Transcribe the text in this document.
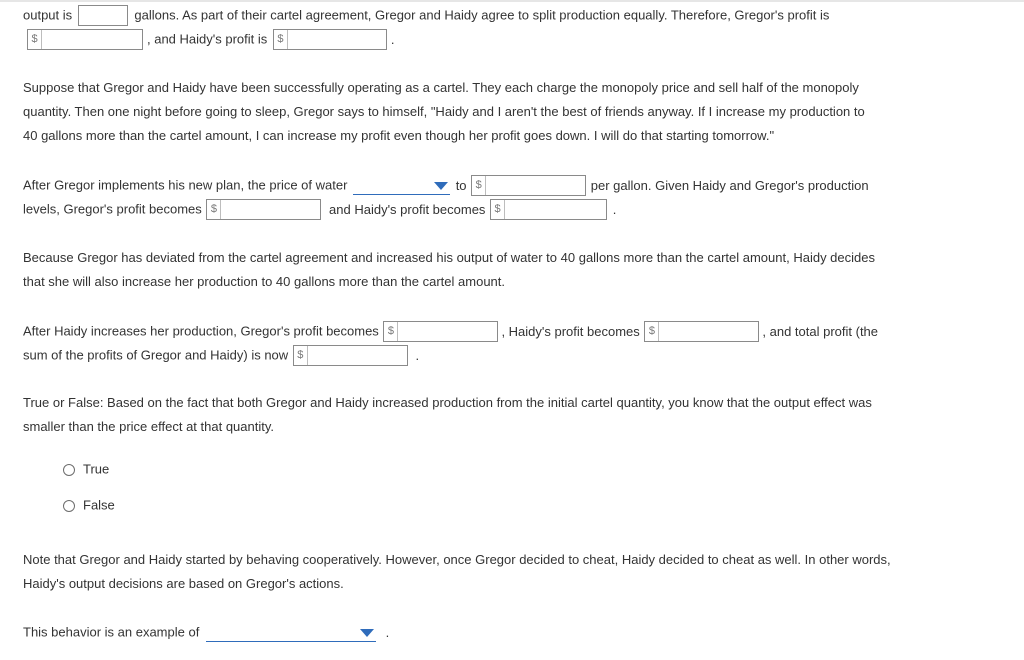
output is	gallons. As part of their cartel agreement, Gregor and Haidy agree to split production equally. Therefore, Gregor's profit is
$	, and Haidy's profit is $	.
Suppose that Gregor and Haidy have been successfully operating as a cartel. They each charge the monopoly price and sell half of the monopoly
quantity. Then one night before going to sleep, Gregor says to himself, "Haidy and I aren't the best of friends anyway. If I increase my production to
40 gallons more than the cartel amount, I can increase my profit even though her profit goes down. I will do that starting tomorrow."
After Gregor implements his new plan, the price of water	to $	per gallon. Given Haidy and Gregor's production
levels, Gregor's profit becomes $	and Haidy's profit becomes $	.
Because Gregor has deviated from the cartel agreement and increased his output of water to 40 gallons more than the cartel amount, Haidy decides
that she will also increase her production to 40 gallons more than the cartel amount.
After Haidy increases her production, Gregor's profit becomes $	, Haidy's profit becomes $	, and total profit (the
sum of the profits of Gregor and Haidy) is now $	.
True or False: Based on the fact that both Gregor and Haidy increased production from the initial cartel quantity, you know that the output effect was
smaller than the price effect at that quantity.
True
False
Note that Gregor and Haidy started by behaving cooperatively. However, once Gregor decided to cheat, Haidy decided to cheat as well. In other words,
Haidy's output decisions are based on Gregor's actions.
This behavior is an example of	.
